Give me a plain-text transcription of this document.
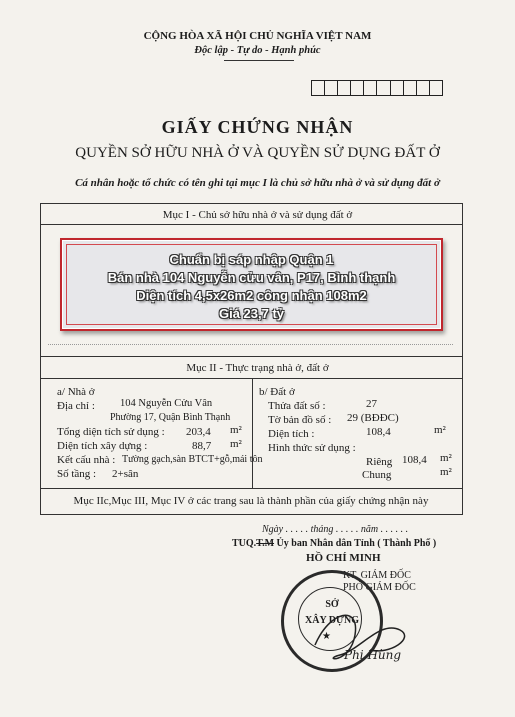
CỘNG HÒA XÃ HỘI CHỦ NGHĨA VIỆT NAM
Độc lập - Tự do - Hạnh phúc
GIẤY CHỨNG NHẬN
QUYỀN SỞ HỮU NHÀ Ở VÀ QUYỀN SỬ DỤNG ĐẤT Ở
Cá nhân hoặc tổ chức có tên ghi tại mục I là chủ sở hữu nhà ở và sử dụng đất ở
Mục I - Chủ sở hữu nhà ở và sử dụng đất ở
Chuẩn bị sáp nhập Quận 1
Bán nhà 104 Nguyễn cửu vân, P17, Bình thạnh
Diện tích 4,5x26m2 công nhận 108m2
Giá 23,7 tỷ
Mục II - Thực trạng nhà ở, đất ở
a/ Nhà ở
Địa chỉ : 104 Nguyễn Cửu Vân
Phường 17, Quận Bình Thạnh
Tổng diện tích sử dụng : 203,4 m²
Diện tích xây dựng :	88,7 m²
Kết cấu nhà : Tường gạch,sàn BTCT+gỗ,mái tôn
Số tầng : 2+sân
b/ Đất ở
Thửa đất số :	27
Tờ bản đồ số : 29 (BĐĐC)
Diện tích :	108,4	m²
Hình thức sử dụng :
Riêng 108,4 m²
Chung	m²
Mục IIc,Mục III, Mục IV ở các trang sau là thành phần của giấy chứng nhận này
Ngày . . . . . tháng . . . . . năm . . . . . .
TUQ.T.M Ủy ban Nhân dân Tỉnh ( Thành Phố )
HỒ CHÍ MINH
KT. GIÁM ĐỐC
PHÓ GIÁM ĐỐC
SỞ
XÂY DỰNG
★
Phi Hùng
